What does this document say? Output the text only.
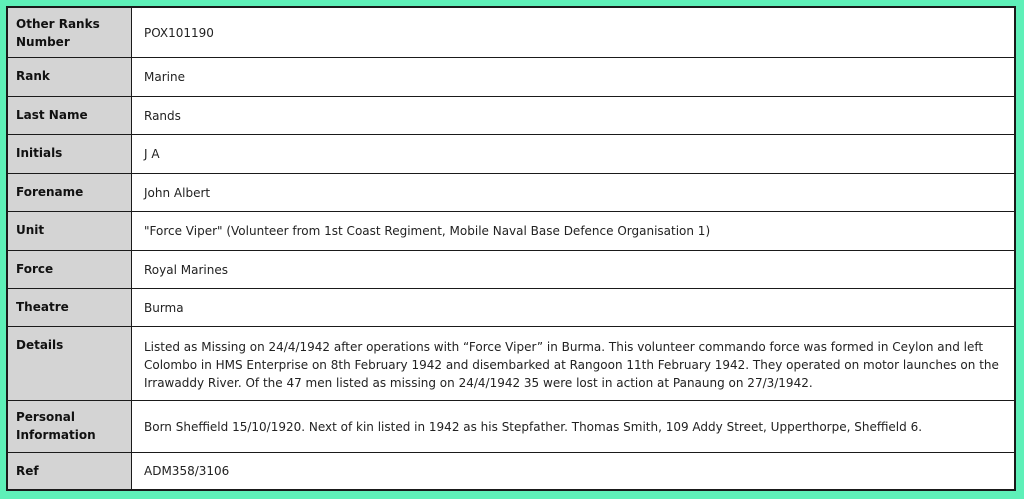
Other Ranks Number	POX101190
Rank	Marine
Last Name	Rands
Initials	J A
Forename	John Albert
Unit	"Force Viper" (Volunteer from 1st Coast Regiment, Mobile Naval Base Defence Organisation 1)
Force	Royal Marines
Theatre	Burma
Details	Listed as Missing on 24/4/1942 after operations with “Force Viper” in Burma. This volunteer commando force was formed in Ceylon and left Colombo in HMS Enterprise on 8th February 1942 and disembarked at Rangoon 11th February 1942. They operated on motor launches on the Irrawaddy River. Of the 47 men listed as missing on 24/4/1942 35 were lost in action at Panaung on 27/3/1942.
Personal Information	Born Sheffield 15/10/1920. Next of kin listed in 1942 as his Stepfather. Thomas Smith, 109 Addy Street, Upperthorpe, Sheffield 6.
Ref	ADM358/3106
